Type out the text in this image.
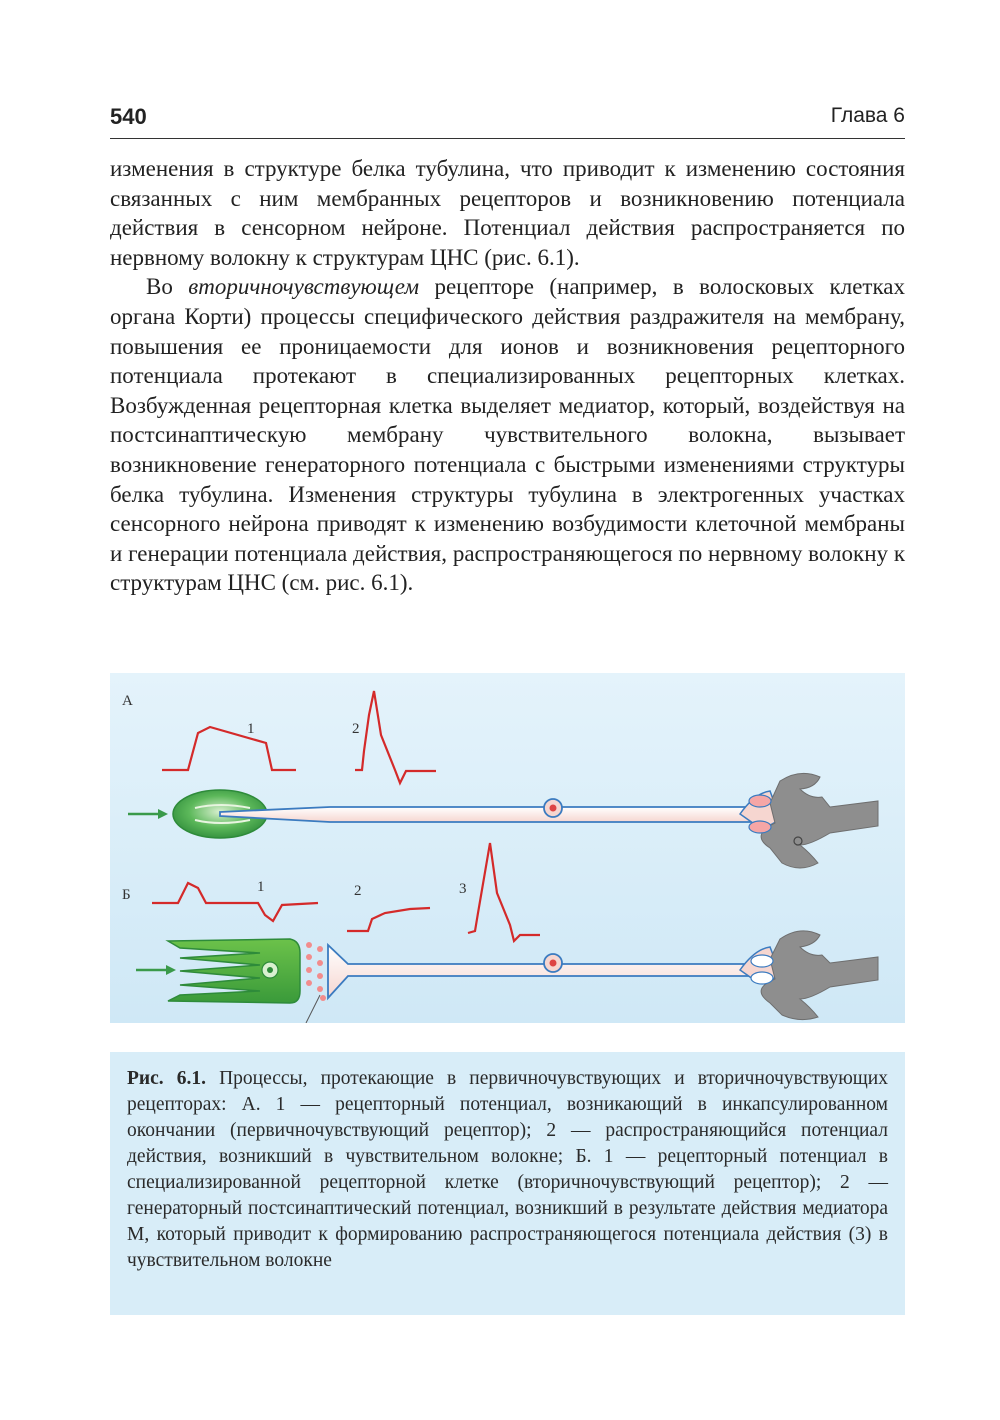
540	Глава 6

изменения в структуре белка тубулина, что приводит к изменению состояния связанных с ним мембранных рецепторов и возникновению потенциала действия в сенсорном нейроне. Потенциал действия распространяется по нервному волокну к структурам ЦНС (рис. 6.1).

Во вторичночувствующем рецепторе (например, в волосковых клетках органа Корти) процессы специфического действия раздражителя на мембрану, повышения ее проницаемости для ионов и возникновения рецепторного потенциала протекают в специализированных рецепторных клетках. Возбужденная рецепторная клетка выделяет медиатор, который, воздействуя на постсинаптическую мембрану чувствительного волокна, вызывает возникновение генераторного потенциала с быстрыми изменениями структуры белка тубулина. Изменения структуры тубулина в электрогенных участках сенсорного нейрона приводят к изменению возбудимости клеточной мембраны и генерации потенциала действия, распространяющегося по нервному волокну к структурам ЦНС (см. рис. 6.1).

А
1	2
Б	1	2	3

Рис. 6.1. Процессы, протекающие в первичночувствующих и вторичночувствующих рецепторах: А. 1 — рецепторный потенциал, возникающий в инкапсулированном окончании (первичночувствующий рецептор); 2 — распространяющийся потенциал действия, возникший в чувствительном волокне; Б. 1 — рецепторный потенциал в специализированной рецепторной клетке (вторичночувствующий рецептор); 2 — генераторный постсинаптический потенциал, возникший в результате действия медиатора М, который приводит к формированию распространяющегося потенциала действия (3) в чувствительном волокне
